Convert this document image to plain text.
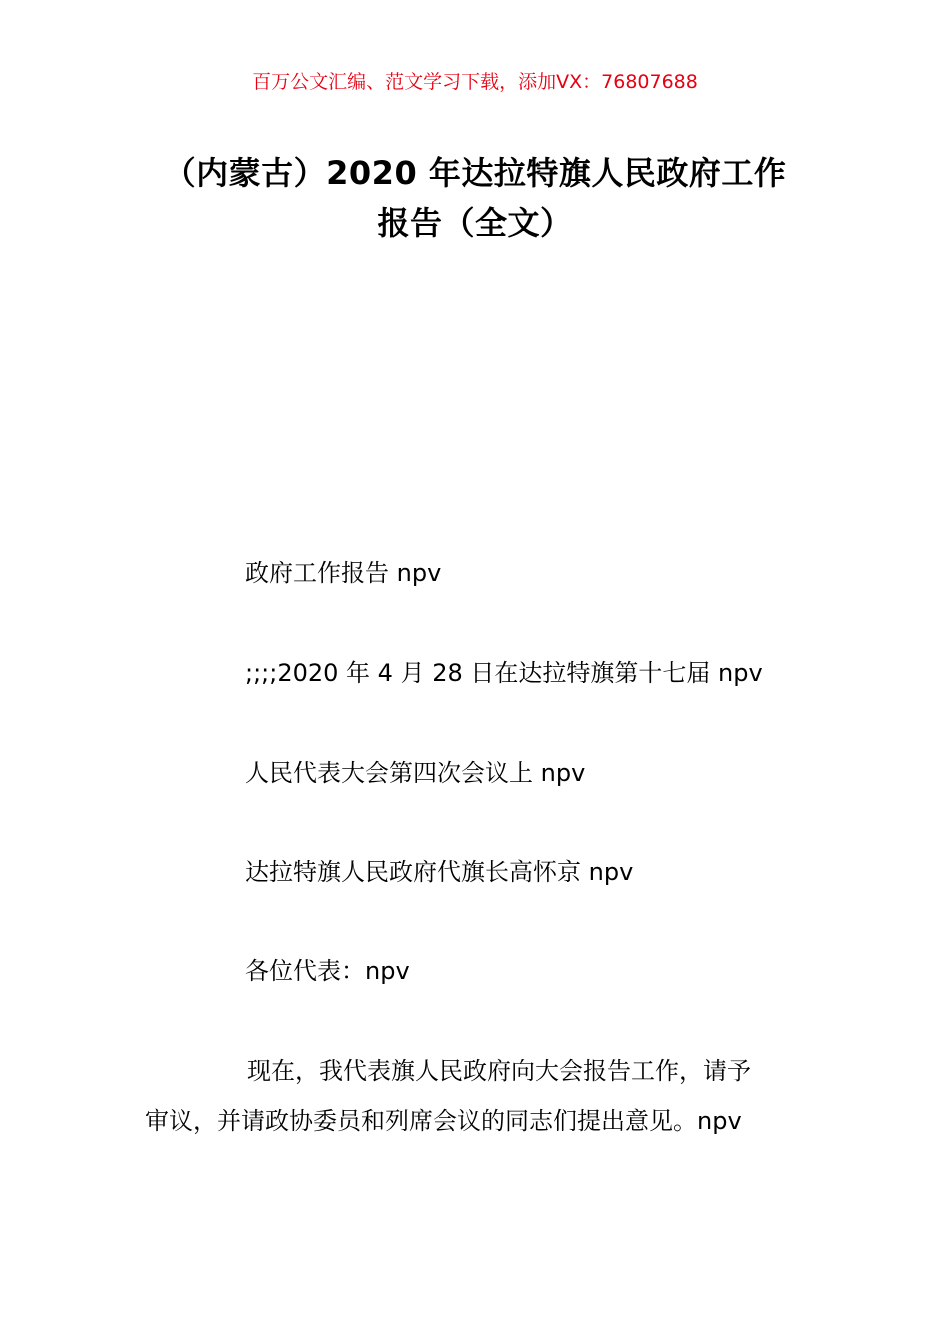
百万公文汇编、范文学习下载，添加VX：76807688
（内蒙古）2020 年达拉特旗人民政府工作
报告（全文）
政府工作报告 npv
;;;;2020 年 4 月 28 日在达拉特旗第十七届 npv
人民代表大会第四次会议上 npv
达拉特旗人民政府代旗长高怀京 npv
各位代表：npv
现在，我代表旗人民政府向大会报告工作，请予
审议，并请政协委员和列席会议的同志们提出意见。npv
